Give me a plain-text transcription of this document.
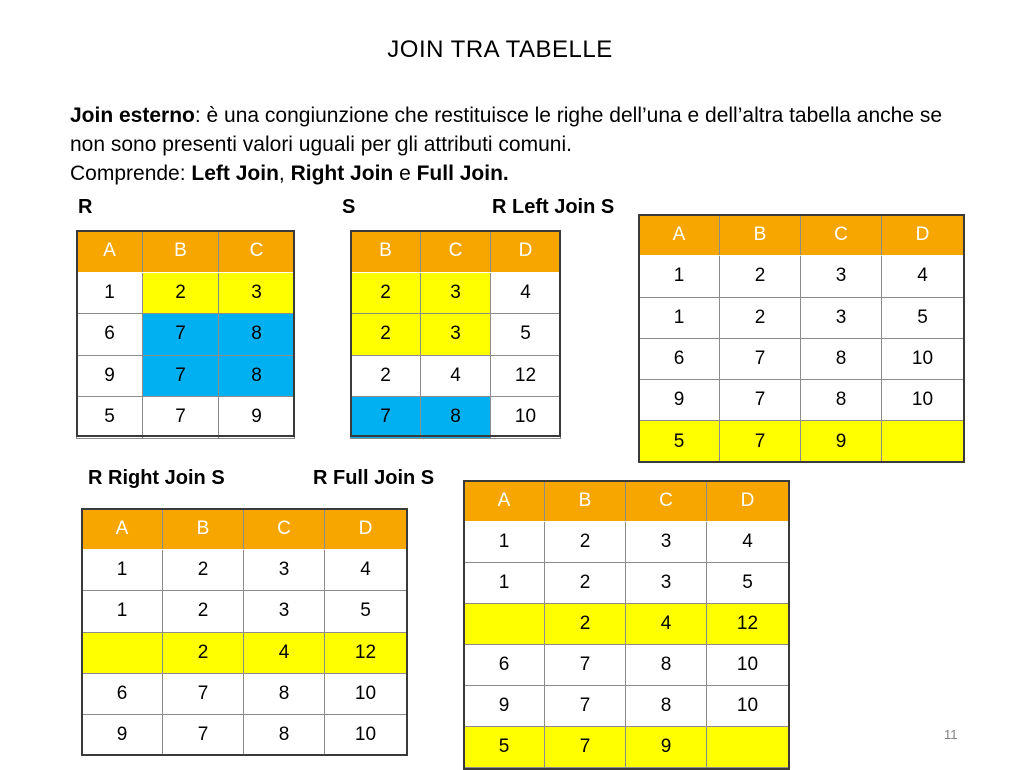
JOIN TRA TABELLE
Join esterno: è una congiunzione che restituisce le righe dell’una e dell’altra tabella anche se non sono presenti valori uguali per gli attributi comuni.
Comprende: Left Join, Right Join e Full Join.
R	S	R Left Join S
R Right Join S	R Full Join S
A	B	C
1	2	3
6	7	8
9	7	8
5	7	9
B	C	D
2	3	4
2	3	5
2	4	12
7	8	10
A	B	C	D
1	2	3	4
1	2	3	5
6	7	8	10
9	7	8	10
5	7	9	
A	B	C	D
1	2	3	4
1	2	3	5
	2	4	12
6	7	8	10
9	7	8	10
A	B	C	D
1	2	3	4
1	2	3	5
	2	4	12
6	7	8	10
9	7	8	10
5	7	9	
11
